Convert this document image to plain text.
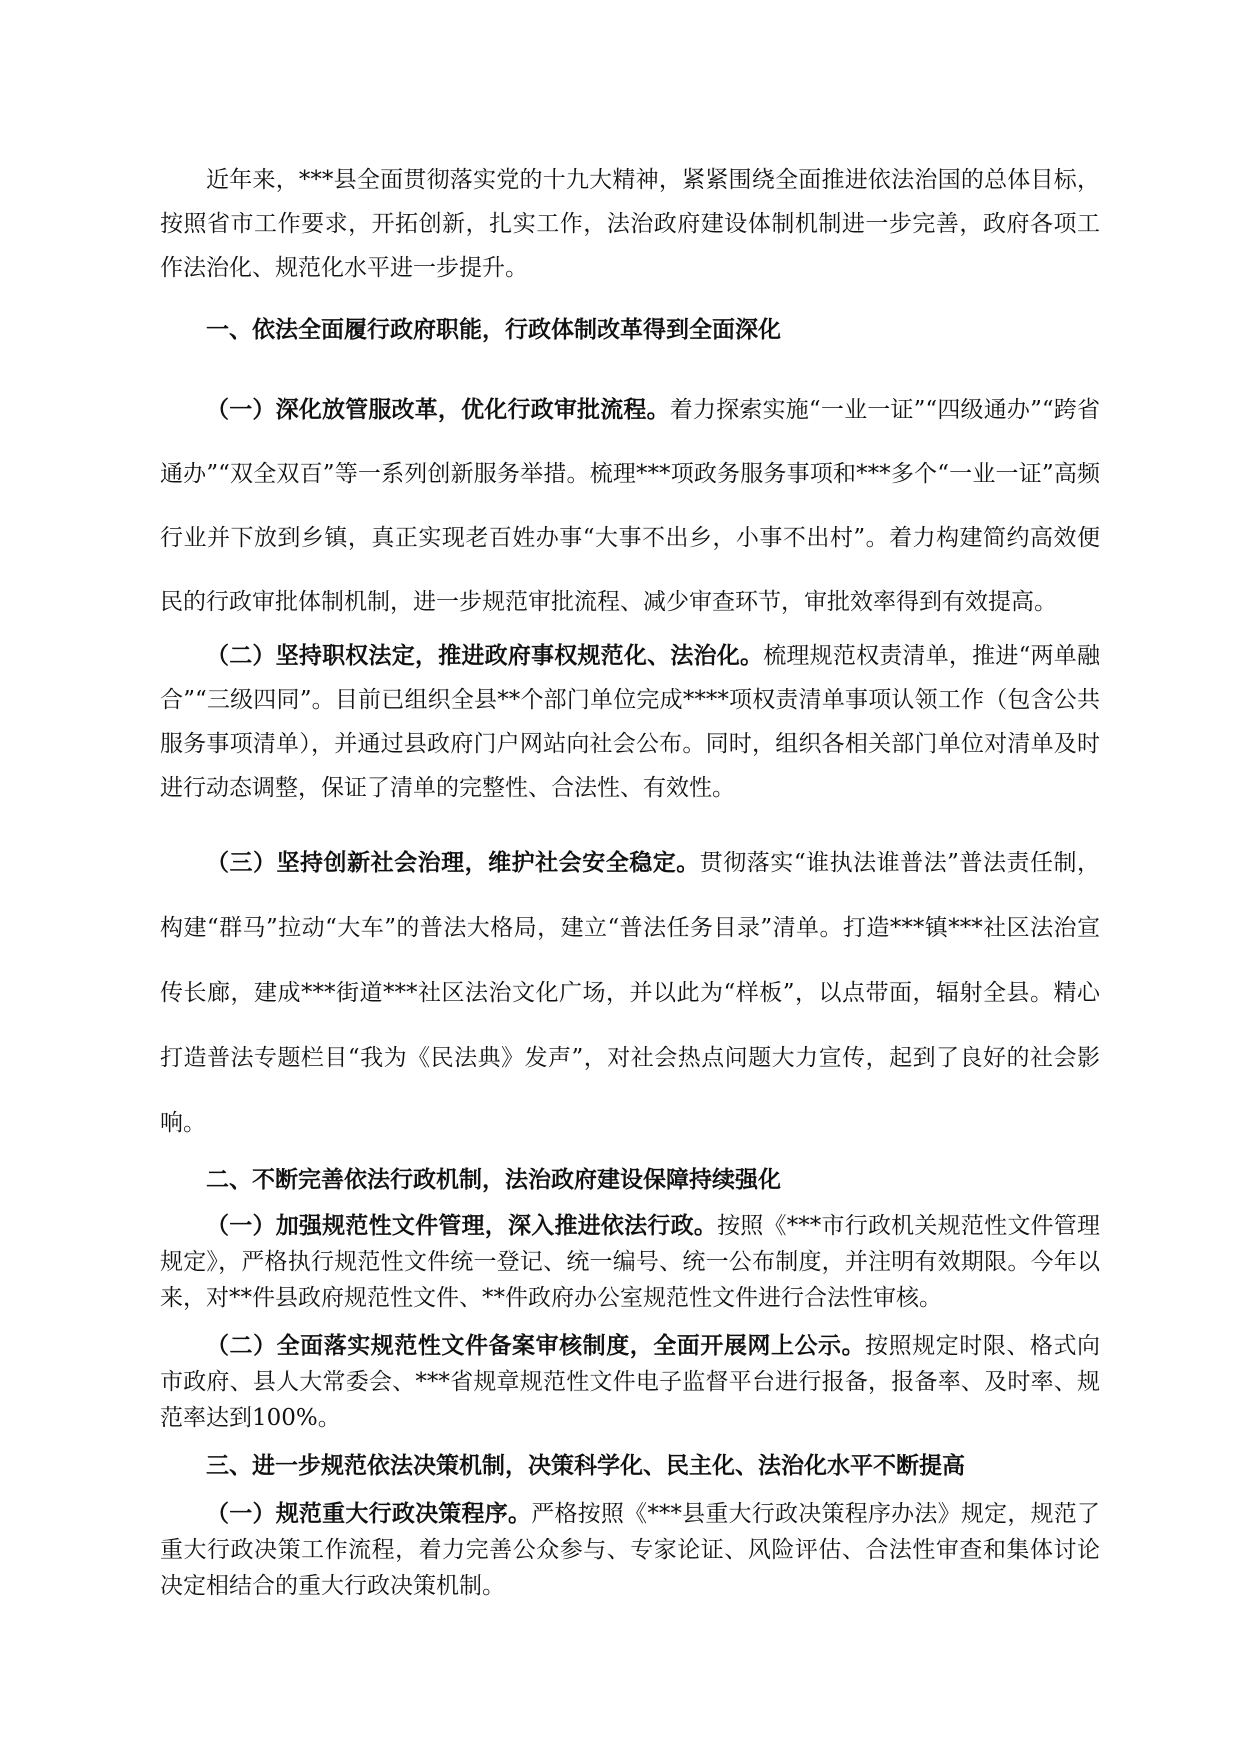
近年来，***县全面贯彻落实党的十九大精神，紧紧围绕全面推进依法治国的总体目标，按照省市工作要求，开拓创新，扎实工作，法治政府建设体制机制进一步完善，政府各项工作法治化、规范化水平进一步提升。

一、依法全面履行政府职能，行政体制改革得到全面深化

（一）深化放管服改革，优化行政审批流程。着力探索实施“一业一证”“四级通办”“跨省通办”“双全双百”等一系列创新服务举措。梳理***项政务服务事项和***多个“一业一证”高频行业并下放到乡镇，真正实现老百姓办事“大事不出乡，小事不出村”。着力构建简约高效便民的行政审批体制机制，进一步规范审批流程、减少审查环节，审批效率得到有效提高。

（二）坚持职权法定，推进政府事权规范化、法治化。梳理规范权责清单，推进“两单融合”“三级四同”。目前已组织全县**个部门单位完成****项权责清单事项认领工作（包含公共服务事项清单），并通过县政府门户网站向社会公布。同时，组织各相关部门单位对清单及时进行动态调整，保证了清单的完整性、合法性、有效性。

（三）坚持创新社会治理，维护社会安全稳定。贯彻落实“谁执法谁普法”普法责任制，构建“群马”拉动“大车”的普法大格局，建立“普法任务目录”清单。打造***镇***社区法治宣传长廊，建成***街道***社区法治文化广场，并以此为“样板”，以点带面，辐射全县。精心打造普法专题栏目“我为《民法典》发声”，对社会热点问题大力宣传，起到了良好的社会影响。

二、不断完善依法行政机制，法治政府建设保障持续强化

（一）加强规范性文件管理，深入推进依法行政。按照《***市行政机关规范性文件管理规定》，严格执行规范性文件统一登记、统一编号、统一公布制度，并注明有效期限。今年以来，对**件县政府规范性文件、**件政府办公室规范性文件进行合法性审核。

（二）全面落实规范性文件备案审核制度，全面开展网上公示。按照规定时限、格式向市政府、县人大常委会、***省规章规范性文件电子监督平台进行报备，报备率、及时率、规范率达到100%。

三、进一步规范依法决策机制，决策科学化、民主化、法治化水平不断提高

（一）规范重大行政决策程序。严格按照《***县重大行政决策程序办法》规定，规范了重大行政决策工作流程，着力完善公众参与、专家论证、风险评估、合法性审查和集体讨论决定相结合的重大行政决策机制。
